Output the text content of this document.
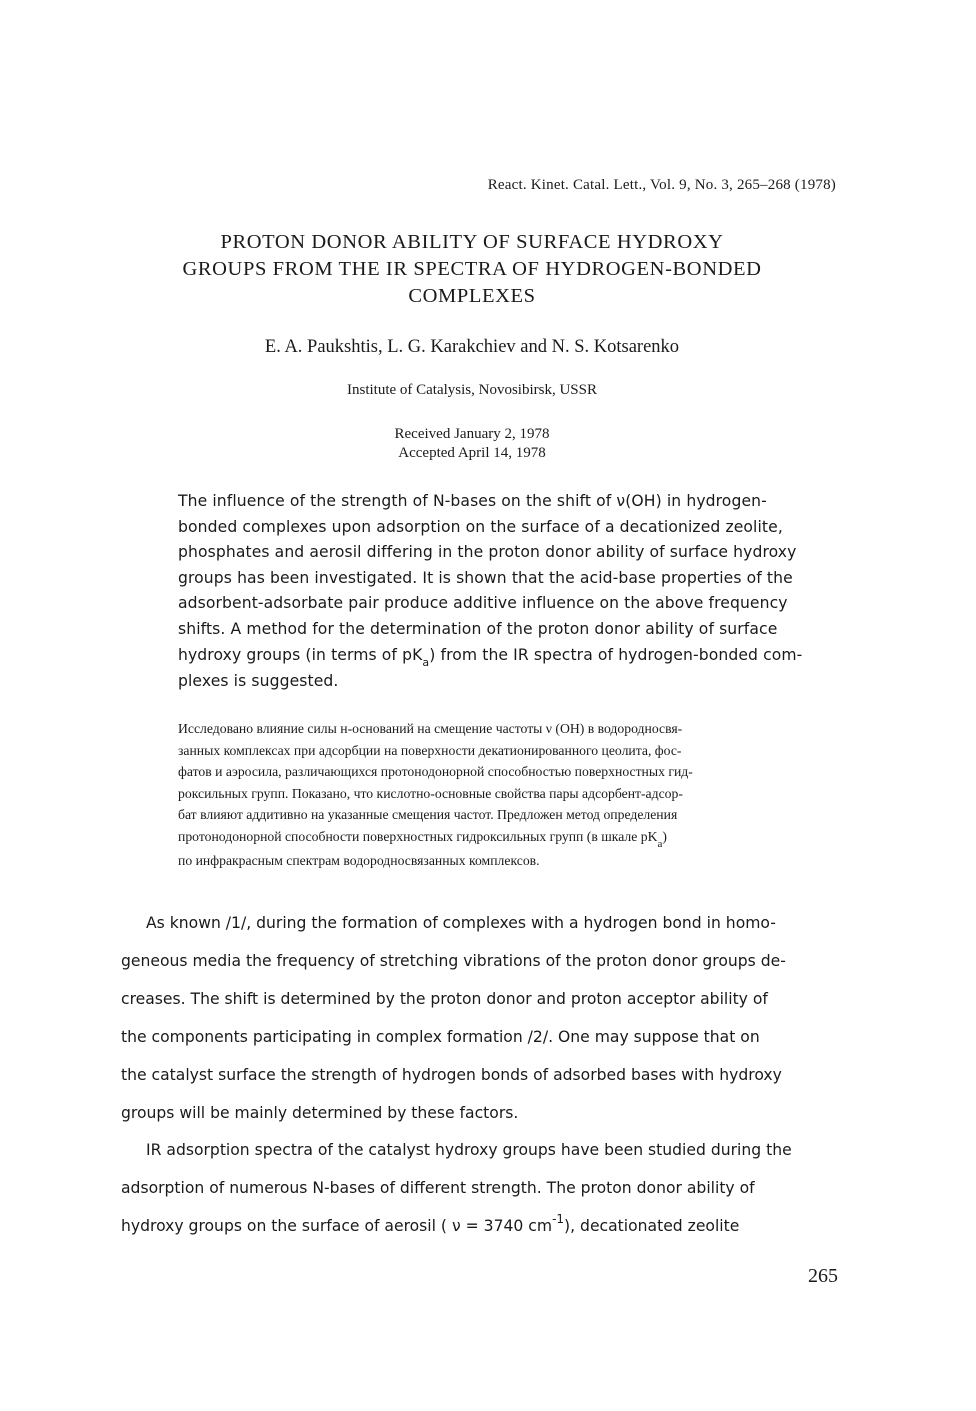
React. Kinet. Catal. Lett., Vol. 9, No. 3, 265–268 (1978)
PROTON DONOR ABILITY OF SURFACE HYDROXY
GROUPS FROM THE IR SPECTRA OF HYDROGEN-BONDED
COMPLEXES
E. A. Paukshtis, L. G. Karakchiev and N. S. Kotsarenko
Institute of Catalysis, Novosibirsk, USSR
Received January 2, 1978
Accepted April 14, 1978
The influence of the strength of N-bases on the shift of ν(OH) in hydrogen-
bonded complexes upon adsorption on the surface of a decationized zeolite,
phosphates and aerosil differing in the proton donor ability of surface hydroxy
groups has been investigated. It is shown that the acid-base properties of the
adsorbent-adsorbate pair produce additive influence on the above frequency
shifts. A method for the determination of the proton donor ability of surface
hydroxy groups (in terms of $pK_a$) from the IR spectra of hydrogen-bonded com-
plexes is suggested.
Исследовано влияние силы н-оснований на смещение частоты ν (ОН) в водородносвя-
занных комплексах при адсорбции на поверхности декатионированного цеолита, фос-
фатов и аэросила, различающихся протонодонорной способностью поверхностных гид-
роксильных групп. Показано, что кислотно-основные свойства пары адсорбент-адсор-
бат влияют аддитивно на указанные смещения частот. Предложен метод определения
протонодонорной способности поверхностных гидроксильных групп (в шкале $pK_a$)
по инфракрасным спектрам водородносвязанных комплексов.
As known /1/, during the formation of complexes with a hydrogen bond in homo-
geneous media the frequency of stretching vibrations of the proton donor groups de-
creases. The shift is determined by the proton donor and proton acceptor ability of
the components participating in complex formation /2/. One may suppose that on
the catalyst surface the strength of hydrogen bonds of adsorbed bases with hydroxy
groups will be mainly determined by these factors.
IR adsorption spectra of the catalyst hydroxy groups have been studied during the
adsorption of numerous N-bases of different strength. The proton donor ability of
hydroxy groups on the surface of aerosil ( ν = 3740 $cm^{-1}$), decationated zeolite
265
